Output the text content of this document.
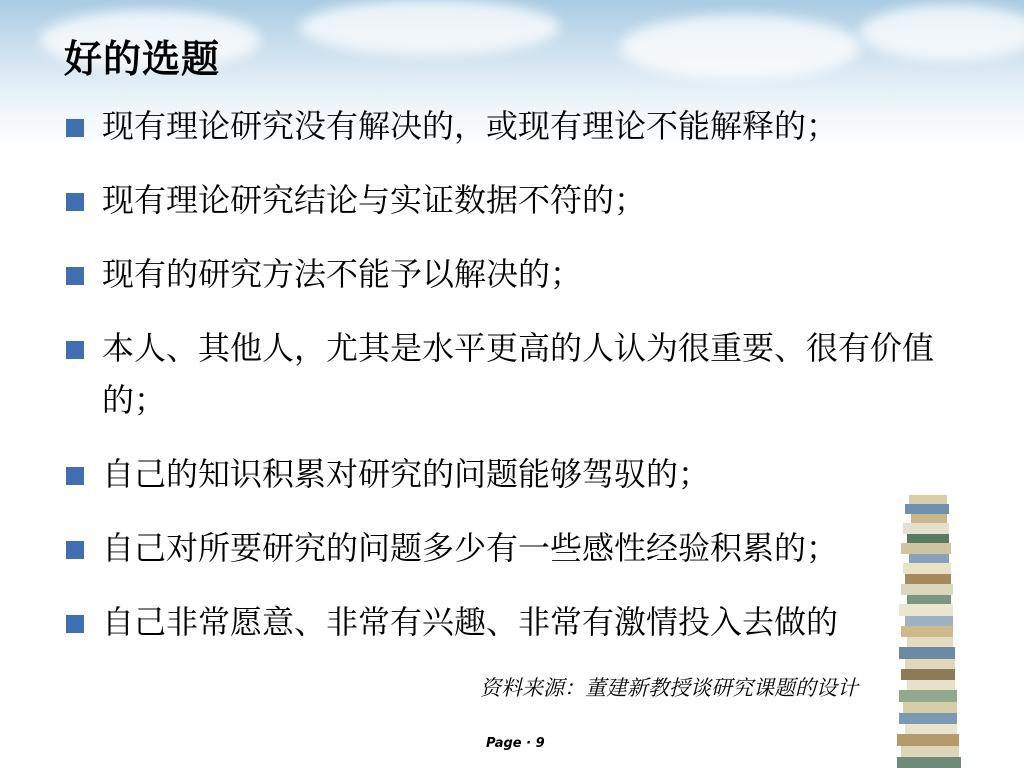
好的选题
现有理论研究没有解决的，或现有理论不能解释的；
现有理论研究结论与实证数据不符的；
现有的研究方法不能予以解决的；
本人、其他人，尤其是水平更高的人认为很重要、很有价值的；
自己的知识积累对研究的问题能够驾驭的；
自己对所要研究的问题多少有一些感性经验积累的；
自己非常愿意、非常有兴趣、非常有激情投入去做的
资料来源：董建新教授谈研究课题的设计
Page · 9
